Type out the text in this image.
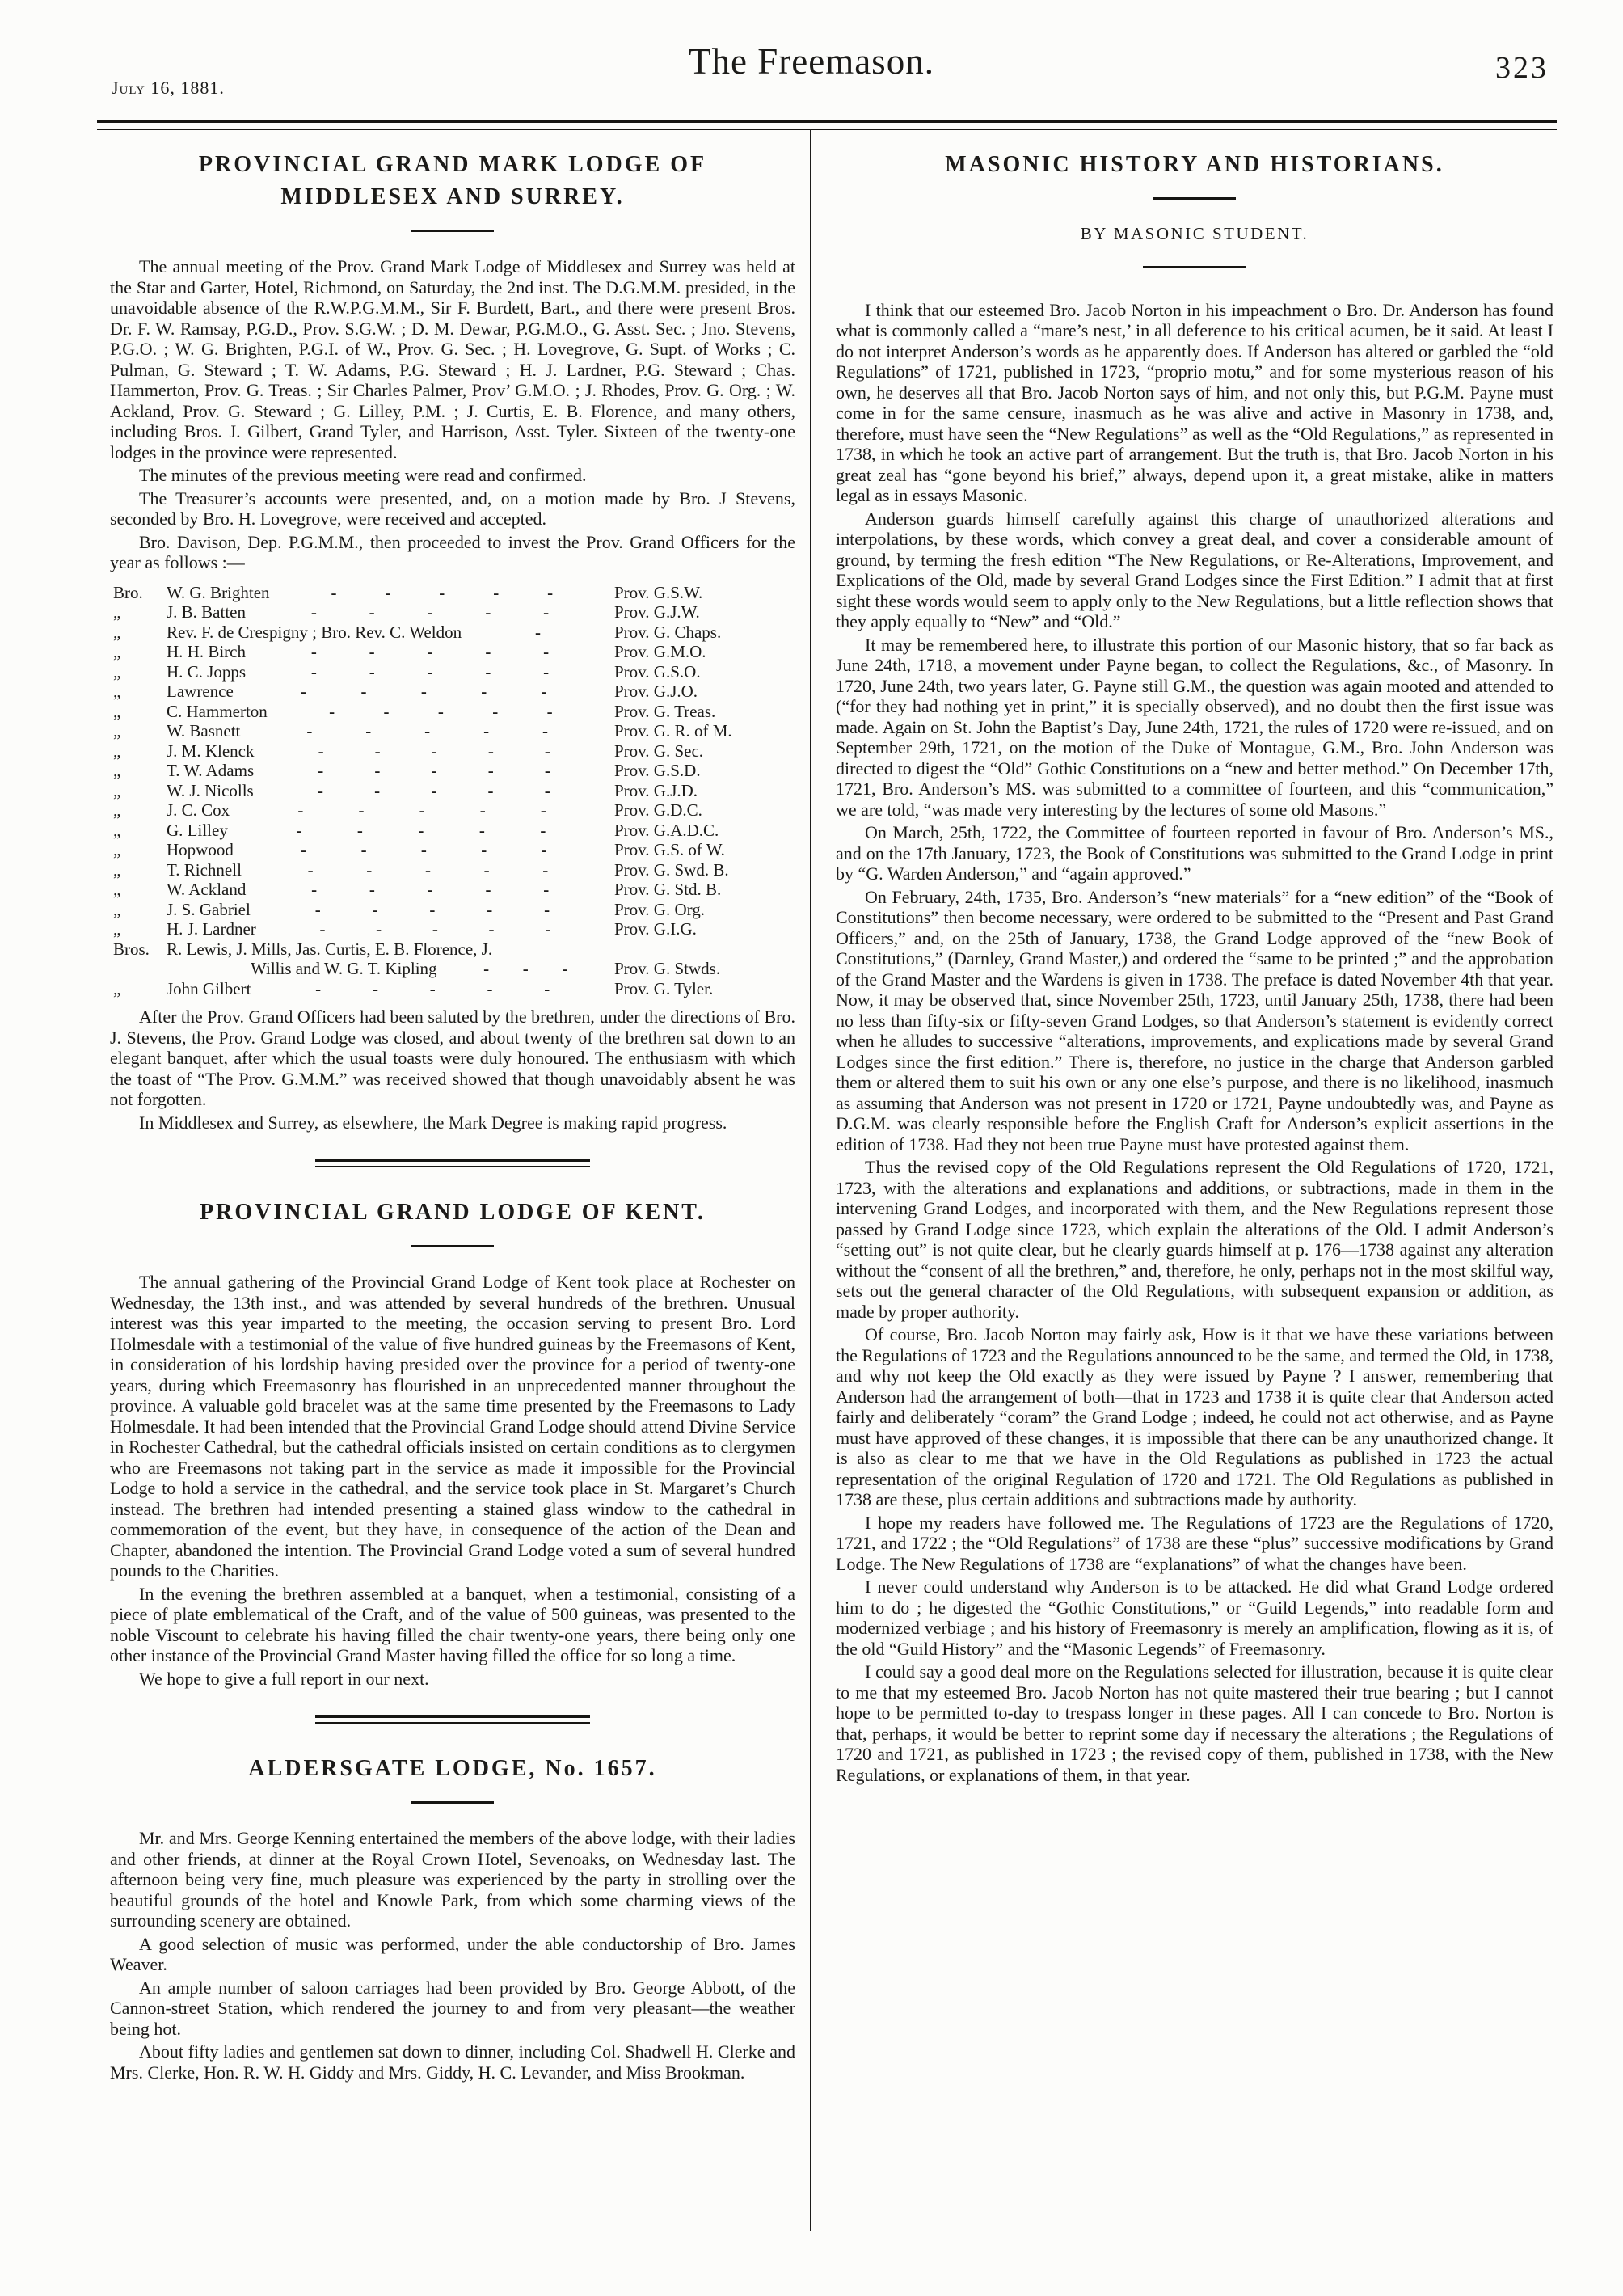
July 16, 1881.
The Freemason.	323
PROVINCIAL GRAND MARK LODGE OF
MIDDLESEX AND SURREY.

The annual meeting of the Prov. Grand Mark Lodge of Middlesex and Surrey was held at the Star and Garter, Hotel, Richmond, on Saturday, the 2nd inst. The D.G.M.M. presided, in the unavoidable absence of the R.W.P.G.M.M., Sir F. Burdett, Bart., and there were present Bros. Dr. F. W. Ramsay, P.G.D., Prov. S.G.W. ; D. M. Dewar, P.G.M.O., G. Asst. Sec. ; Jno. Stevens, P.G.O. ; W. G. Brighten, P.G.I. of W., Prov. G. Sec. ; H. Lovegrove, G. Supt. of Works ; C. Pulman, G. Steward ; T. W. Adams, P.G. Steward ; H. J. Lardner, P.G. Steward ; Chas. Hammerton, Prov. G. Treas. ; Sir Charles Palmer, Prov’ G.M.O. ; J. Rhodes, Prov. G. Org. ; W. Ackland, Prov. G. Steward ; G. Lilley, P.M. ; J. Curtis, E. B. Florence, and many others, including Bros. J. Gilbert, Grand Tyler, and Harrison, Asst. Tyler. Sixteen of the twenty-one lodges in the province were represented.

The minutes of the previous meeting were read and confirmed.

The Treasurer’s accounts were presented, and, on a motion made by Bro. J Stevens, seconded by Bro. H. Lovegrove, were received and accepted.

Bro. Davison, Dep. P.G.M.M., then proceeded to invest the Prov. Grand Officers for the year as follows :—

Bro.	W. G. Brighten	-	-	-	-	-	Prov. G.S.W.
„	J. B. Batten	-	-	-	-	-	Prov. G.J.W.
„	Rev. F. de Crespigny ; Bro. Rev. C. Weldon	-	Prov. G. Chaps.
„	H. H. Birch	-	-	-	-	-	Prov. G.M.O.
„	H. C. Jopps	-	-	-	-	-	Prov. G.S.O.
„	Lawrence	-	-	-	-	-	Prov. G.J.O.
„	C. Hammerton	-	-	-	-	-	Prov. G. Treas.
„	W. Basnett	-	-	-	-	-	Prov. G. R. of M.
„	J. M. Klenck	-	-	-	-	-	Prov. G. Sec.
„	T. W. Adams	-	-	-	-	-	Prov. G.S.D.
„	W. J. Nicolls	-	-	-	-	-	Prov. G.J.D.
„	J. C. Cox	-	-	-	-	-	Prov. G.D.C.
„	G. Lilley	-	-	-	-	-	Prov. G.A.D.C.
„	Hopwood	-	-	-	-	-	Prov. G.S. of W.
„	T. Richnell	-	-	-	-	-	Prov. G. Swd. B.
„	W. Ackland	-	-	-	-	-	Prov. G. Std. B.
„	J. S. Gabriel	-	-	-	-	-	Prov. G. Org.
„	H. J. Lardner	-	-	-	-	-	Prov. G.I.G.
Bros.	R. Lewis, J. Mills, Jas. Curtis, E. B. Florence, J.
Willis and W. G. T. Kipling	- - -	Prov. G. Stwds.
„	John Gilbert	-	-	-	-	-	Prov. G. Tyler.

After the Prov. Grand Officers had been saluted by the brethren, under the directions of Bro. J. Stevens, the Prov. Grand Lodge was closed, and about twenty of the brethren sat down to an elegant banquet, after which the usual toasts were duly honoured. The enthusiasm with which the toast of “The Prov. G.M.M.” was received showed that though unavoidably absent he was not forgotten.

In Middlesex and Surrey, as elsewhere, the Mark Degree is making rapid progress.

PROVINCIAL GRAND LODGE OF KENT.

The annual gathering of the Provincial Grand Lodge of Kent took place at Rochester on Wednesday, the 13th inst., and was attended by several hundreds of the brethren. Unusual interest was this year imparted to the meeting, the occasion serving to present Bro. Lord Holmesdale with a testimonial of the value of five hundred guineas by the Freemasons of Kent, in consideration of his lordship having presided over the province for a period of twenty-one years, during which Freemasonry has flourished in an unprecedented manner throughout the province. A valuable gold bracelet was at the same time presented by the Freemasons to Lady Holmesdale. It had been intended that the Provincial Grand Lodge should attend Divine Service in Rochester Cathedral, but the cathedral officials insisted on certain conditions as to clergymen who are Freemasons not taking part in the service as made it impossible for the Provincial Lodge to hold a service in the cathedral, and the service took place in St. Margaret’s Church instead. The brethren had intended presenting a stained glass window to the cathedral in commemoration of the event, but they have, in consequence of the action of the Dean and Chapter, abandoned the intention. The Provincial Grand Lodge voted a sum of several hundred pounds to the Charities.

In the evening the brethren assembled at a banquet, when a testimonial, consisting of a piece of plate emblematical of the Craft, and of the value of 500 guineas, was presented to the noble Viscount to celebrate his having filled the chair twenty-one years, there being only one other instance of the Provincial Grand Master having filled the office for so long a time.

We hope to give a full report in our next.

ALDERSGATE LODGE, No. 1657.

Mr. and Mrs. George Kenning entertained the members of the above lodge, with their ladies and other friends, at dinner at the Royal Crown Hotel, Sevenoaks, on Wednesday last. The afternoon being very fine, much pleasure was experienced by the party in strolling over the beautiful grounds of the hotel and Knowle Park, from which some charming views of the surrounding scenery are obtained.

A good selection of music was performed, under the able conductorship of Bro. James Weaver.

An ample number of saloon carriages had been provided by Bro. George Abbott, of the Cannon-street Station, which rendered the journey to and from very pleasant—the weather being hot.

About fifty ladies and gentlemen sat down to dinner, including Col. Shadwell H. Clerke and Mrs. Clerke, Hon. R. W. H. Giddy and Mrs. Giddy, H. C. Levander, and Miss Brookman.

MASONIC HISTORY AND HISTORIANS.
BY MASONIC STUDENT.

I think that our esteemed Bro. Jacob Norton in his impeachment o Bro. Dr. Anderson has found what is commonly called a “mare’s nest,’ in all deference to his critical acumen, be it said. At least I do not interpret Anderson’s words as he apparently does. If Anderson has altered or garbled the “old Regulations” of 1721, published in 1723, “proprio motu,” and for some mysterious reason of his own, he deserves all that Bro. Jacob Norton says of him, and not only this, but P.G.M. Payne must come in for the same censure, inasmuch as he was alive and active in Masonry in 1738, and, therefore, must have seen the “New Regulations” as well as the “Old Regulations,” as represented in 1738, in which he took an active part of arrangement. But the truth is, that Bro. Jacob Norton in his great zeal has “gone beyond his brief,” always, depend upon it, a great mistake, alike in matters legal as in essays Masonic.

Anderson guards himself carefully against this charge of unauthorized alterations and interpolations, by these words, which convey a great deal, and cover a considerable amount of ground, by terming the fresh edition “The New Regulations, or Re-Alterations, Improvement, and Explications of the Old, made by several Grand Lodges since the First Edition.” I admit that at first sight these words would seem to apply only to the New Regulations, but a little reflection shows that they apply equally to “New” and “Old.”

It may be remembered here, to illustrate this portion of our Masonic history, that so far back as June 24th, 1718, a movement under Payne began, to collect the Regulations, &c., of Masonry. In 1720, June 24th, two years later, G. Payne still G.M., the question was again mooted and attended to (“for they had nothing yet in print,” it is specially observed), and no doubt then the first issue was made. Again on St. John the Baptist’s Day, June 24th, 1721, the rules of 1720 were re-issued, and on September 29th, 1721, on the motion of the Duke of Montague, G.M., Bro. John Anderson was directed to digest the “Old” Gothic Constitutions on a “new and better method.” On December 17th, 1721, Bro. Anderson’s MS. was submitted to a committee of fourteen, and this “communication,” we are told, “was made very interesting by the lectures of some old Masons.”

On March, 25th, 1722, the Committee of fourteen reported in favour of Bro. Anderson’s MS., and on the 17th January, 1723, the Book of Constitutions was submitted to the Grand Lodge in print by “G. Warden Anderson,” and “again approved.”

On February, 24th, 1735, Bro. Anderson’s “new materials” for a “new edition” of the “Book of Constitutions” then become necessary, were ordered to be submitted to the “Present and Past Grand Officers,” and, on the 25th of January, 1738, the Grand Lodge approved of the “new Book of Constitutions,” (Darnley, Grand Master,) and ordered the “same to be printed ;” and the approbation of the Grand Master and the Wardens is given in 1738. The preface is dated November 4th that year. Now, it may be observed that, since November 25th, 1723, until January 25th, 1738, there had been no less than fifty-six or fifty-seven Grand Lodges, so that Anderson’s statement is evidently correct when he alludes to successive “alterations, improvements, and explications made by several Grand Lodges since the first edition.” There is, therefore, no justice in the charge that Anderson garbled them or altered them to suit his own or any one else’s purpose, and there is no likelihood, inasmuch as assuming that Anderson was not present in 1720 or 1721, Payne undoubtedly was, and Payne as D.G.M. was clearly responsible before the English Craft for Anderson’s explicit assertions in the edition of 1738. Had they not been true Payne must have protested against them.

Thus the revised copy of the Old Regulations represent the Old Regulations of 1720, 1721, 1723, with the alterations and explanations and additions, or subtractions, made in them in the intervening Grand Lodges, and incorporated with them, and the New Regulations represent those passed by Grand Lodge since 1723, which explain the alterations of the Old. I admit Anderson’s “setting out” is not quite clear, but he clearly guards himself at p. 176—1738 against any alteration without the “consent of all the brethren,” and, therefore, he only, perhaps not in the most skilful way, sets out the general character of the Old Regulations, with subsequent expansion or addition, as made by proper authority.

Of course, Bro. Jacob Norton may fairly ask, How is it that we have these variations between the Regulations of 1723 and the Regulations announced to be the same, and termed the Old, in 1738, and why not keep the Old exactly as they were issued by Payne ? I answer, remembering that Anderson had the arrangement of both—that in 1723 and 1738 it is quite clear that Anderson acted fairly and deliberately “coram” the Grand Lodge ; indeed, he could not act otherwise, and as Payne must have approved of these changes, it is impossible that there can be any unauthorized change. It is also as clear to me that we have in the Old Regulations as published in 1723 the actual representation of the original Regulation of 1720 and 1721. The Old Regulations as published in 1738 are these, plus certain additions and subtractions made by authority.

I hope my readers have followed me. The Regulations of 1723 are the Regulations of 1720, 1721, and 1722 ; the “Old Regulations” of 1738 are these “plus” successive modifications by Grand Lodge. The New Regulations of 1738 are “explanations” of what the changes have been.

I never could understand why Anderson is to be attacked. He did what Grand Lodge ordered him to do ; he digested the “Gothic Constitutions,” or “Guild Legends,” into readable form and modernized verbiage ; and his history of Freemasonry is merely an amplification, flowing as it is, of the old “Guild History” and the “Masonic Legends” of Freemasonry.

I could say a good deal more on the Regulations selected for illustration, because it is quite clear to me that my esteemed Bro. Jacob Norton has not quite mastered their true bearing ; but I cannot hope to be permitted to-day to trespass longer in these pages. All I can concede to Bro. Norton is that, perhaps, it would be better to reprint some day if necessary the alterations ; the Regulations of 1720 and 1721, as published in 1723 ; the revised copy of them, published in 1738, with the New Regulations, or explanations of them, in that year.
